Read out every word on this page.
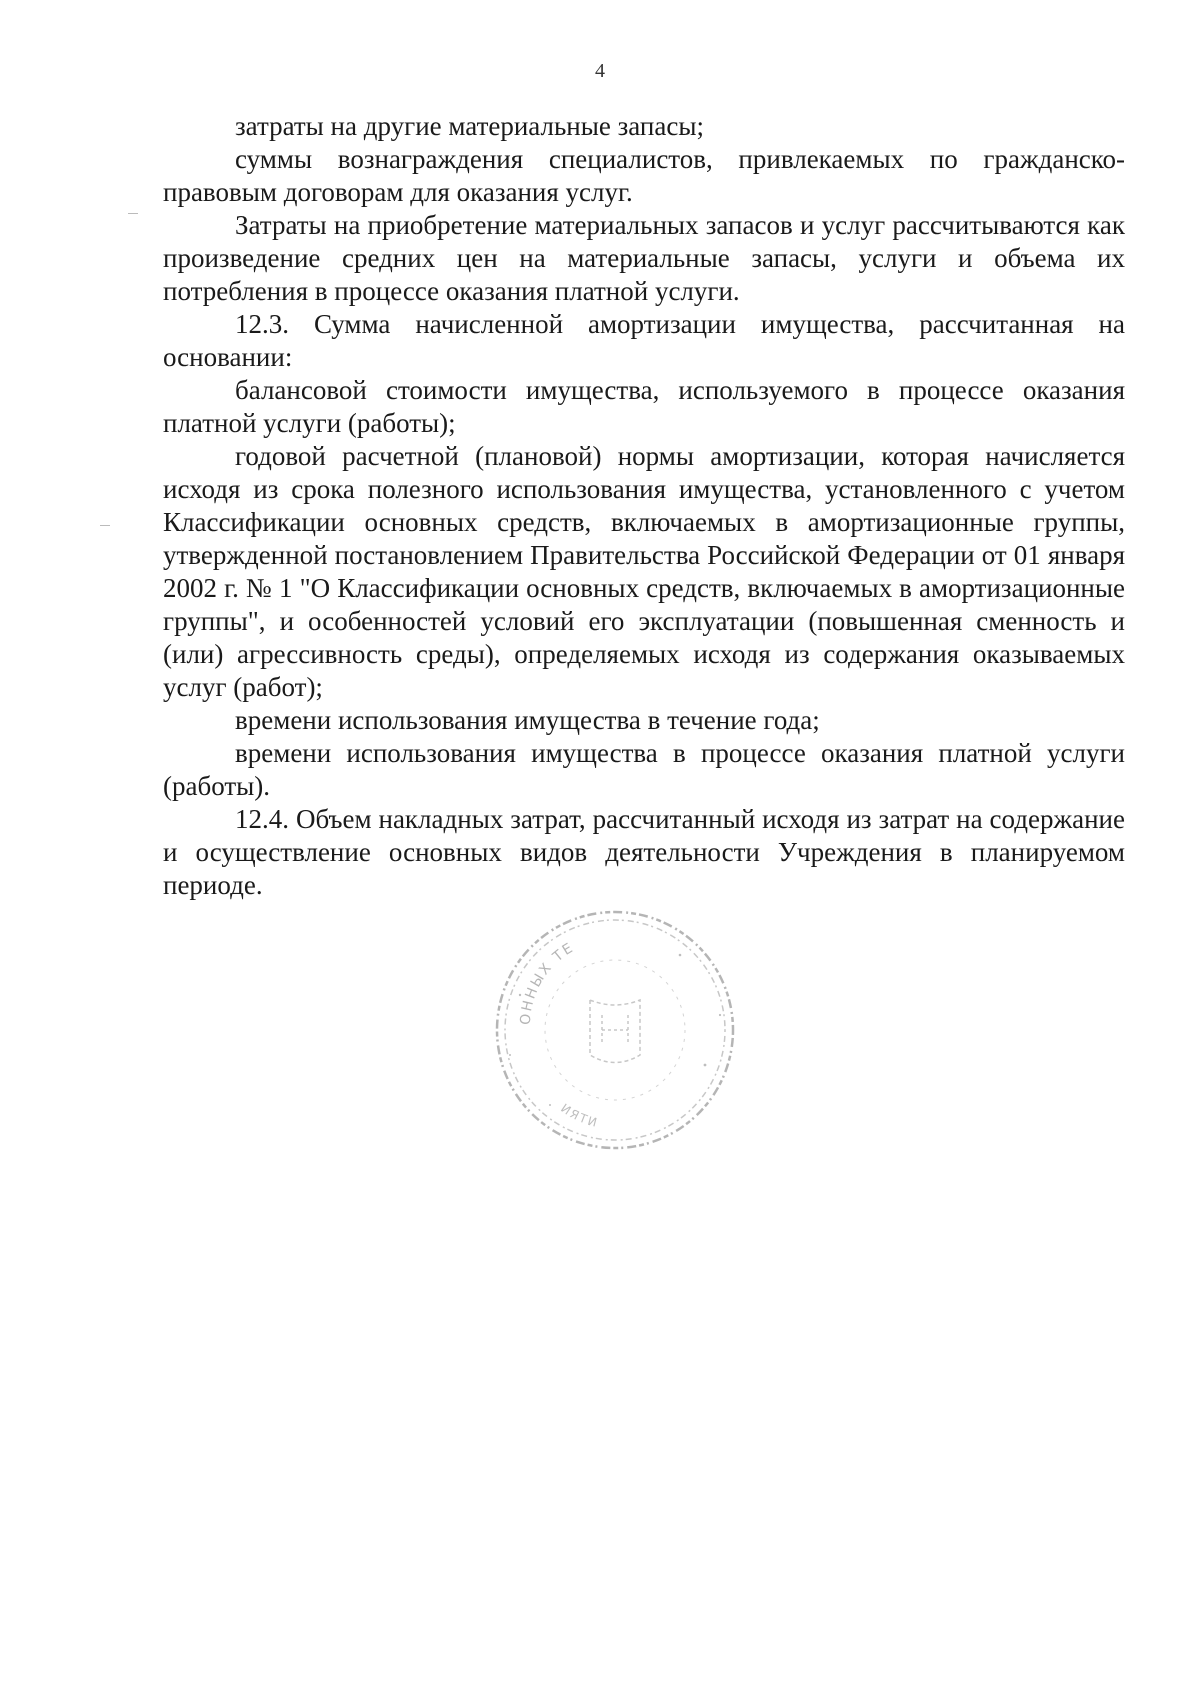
4

затраты на другие материальные запасы;

суммы вознаграждения специалистов, привлекаемых по гражданско-правовым договорам для оказания услуг.

Затраты на приобретение материальных запасов и услуг рассчитываются как произведение средних цен на материальные запасы, услуги и объема их потребления в процессе оказания платной услуги.

12.3. Сумма начисленной амортизации имущества, рассчитанная на основании:

балансовой стоимости имущества, используемого в процессе оказания платной услуги (работы);

годовой расчетной (плановой) нормы амортизации, которая начисляется исходя из срока полезного использования имущества, установленного с учетом Классификации основных средств, включаемых в амортизационные группы, утвержденной постановлением Правительства Российской Федерации от 01 января 2002 г. № 1 "О Классификации основных средств, включаемых в амортизационные группы", и особенностей условий его эксплуатации (повышенная сменность и (или) агрессивность среды), определяемых исходя из содержания оказываемых услуг (работ);

времени использования имущества в течение года;

времени использования имущества в процессе оказания платной услуги (работы).

12.4. Объем накладных затрат, рассчитанный исходя из затрат на содержание и осуществление основных видов деятельности Учреждения в планируемом периоде.

ОННЫХ ТЕ
ИЯТИ
